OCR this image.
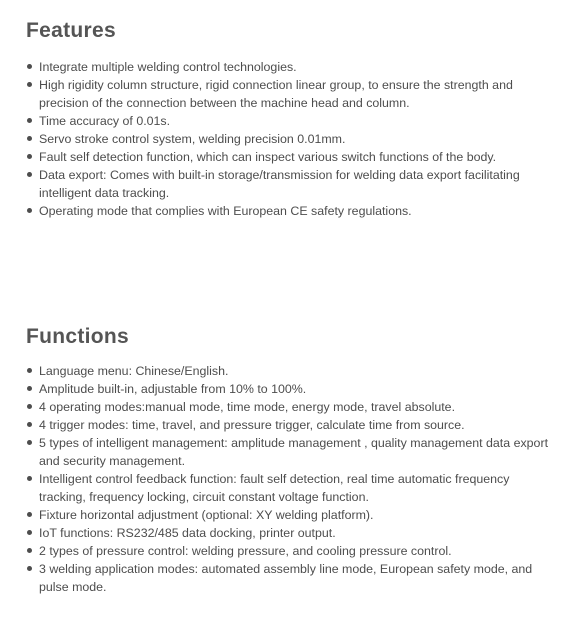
Features
Integrate multiple welding control technologies.
High rigidity column structure, rigid connection linear group, to ensure the strength and precision of the connection between the machine head and column.
Time accuracy of 0.01s.
Servo stroke control system, welding precision 0.01mm.
Fault self detection function, which can inspect various switch functions of the body.
Data export: Comes with built-in storage/transmission for welding data export facilitating intelligent data tracking.
Operating mode that complies with European CE safety regulations.
Functions
Language menu: Chinese/English.
Amplitude built-in, adjustable from 10% to 100%.
4 operating modes:manual mode, time mode, energy mode, travel absolute.
4 trigger modes: time, travel, and pressure trigger, calculate time from source.
5 types of intelligent management: amplitude management , quality management data export and security management.
Intelligent control feedback function: fault self detection, real time automatic frequency tracking, frequency locking, circuit constant voltage function.
Fixture horizontal adjustment (optional: XY welding platform).
IoT functions: RS232/485 data docking, printer output.
2 types of pressure control: welding pressure, and cooling pressure control.
3 welding application modes: automated assembly line mode, European safety mode, and pulse mode.
